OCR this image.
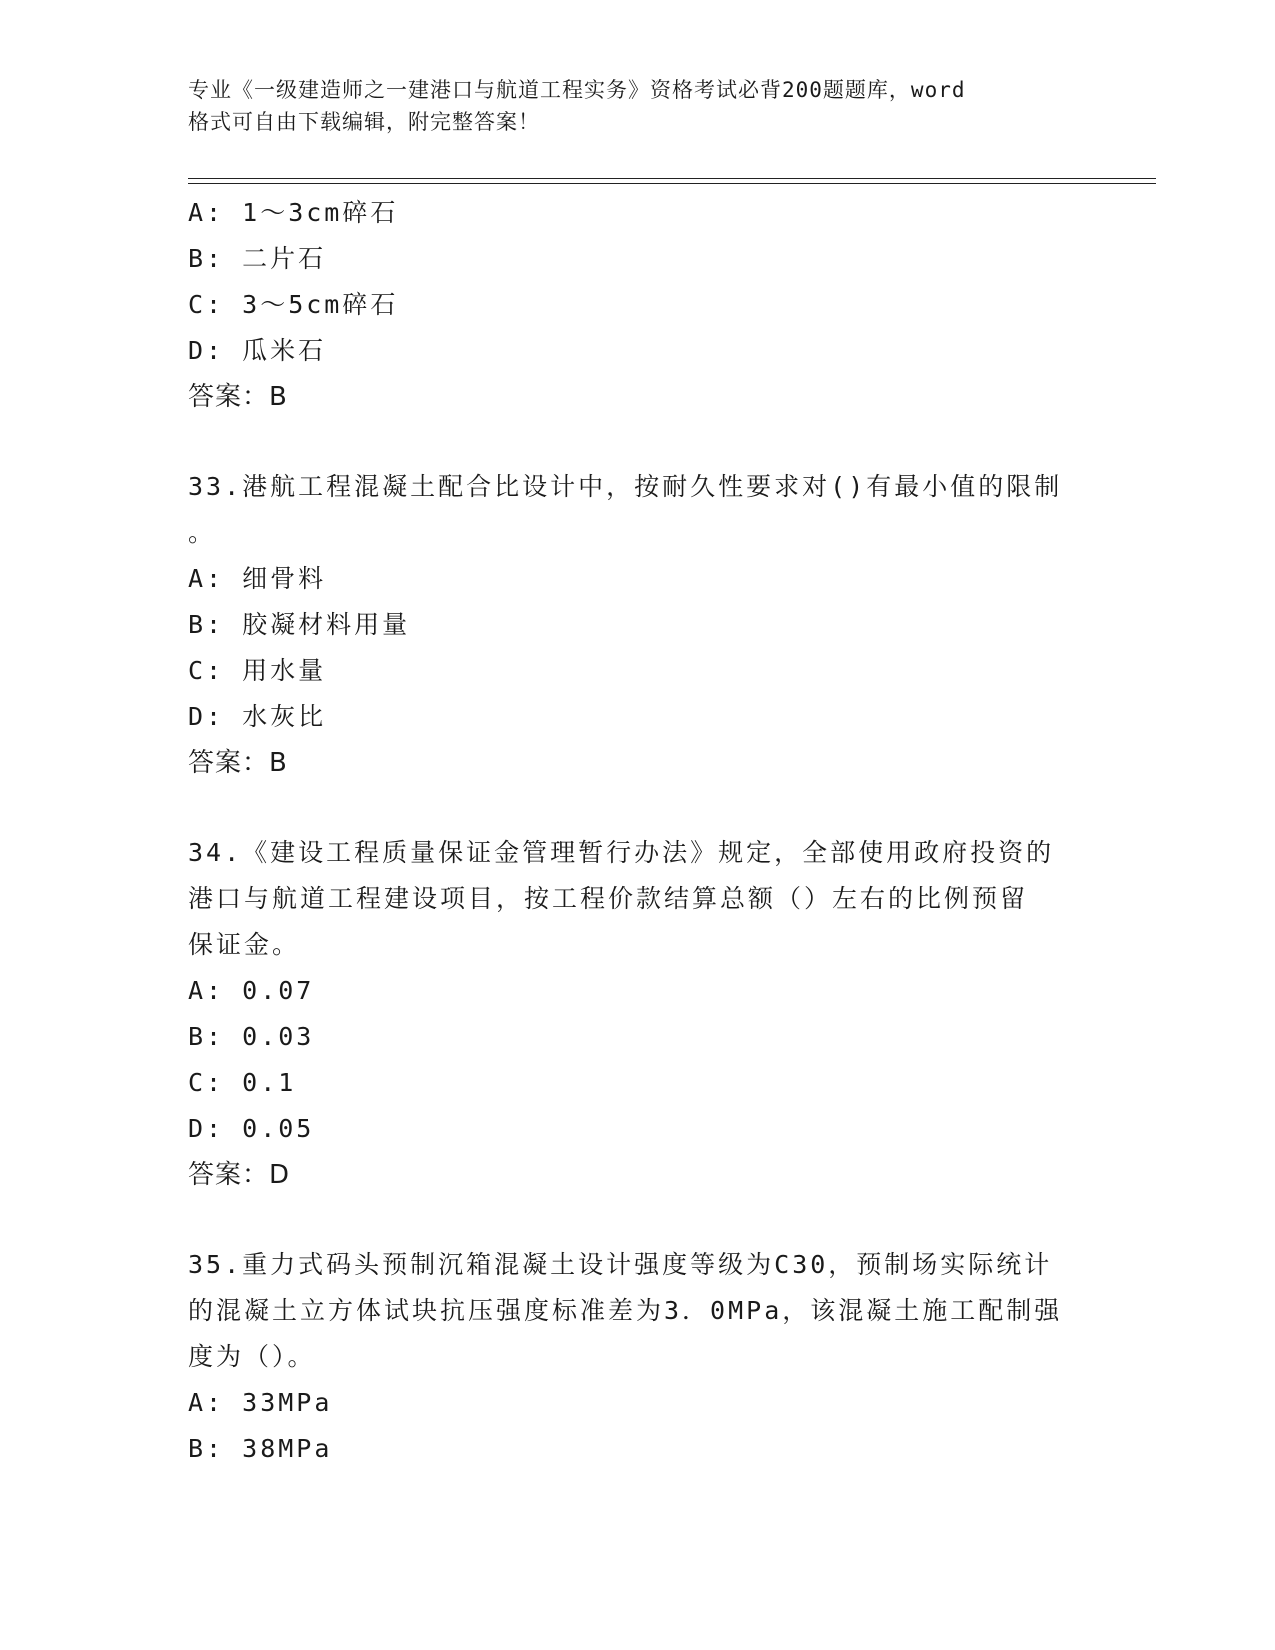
专业《一级建造师之一建港口与航道工程实务》资格考试必背200题题库，word
格式可自由下载编辑，附完整答案！
A: 1～3cm碎石
B: 二片石
C: 3～5cm碎石
D: 瓜米石
答案：B
33.港航工程混凝土配合比设计中，按耐久性要求对()有最小值的限制
。
A: 细骨料
B: 胶凝材料用量
C: 用水量
D: 水灰比
答案：B
34.《建设工程质量保证金管理暂行办法》规定，全部使用政府投资的
港口与航道工程建设项目，按工程价款结算总额（）左右的比例预留
保证金。
A: 0.07
B: 0.03
C: 0.1
D: 0.05
答案：D
35.重力式码头预制沉箱混凝土设计强度等级为C30，预制场实际统计
的混凝土立方体试块抗压强度标准差为3．0MPa，该混凝土施工配制强
度为（）。
A: 33MPa
B: 38MPa
